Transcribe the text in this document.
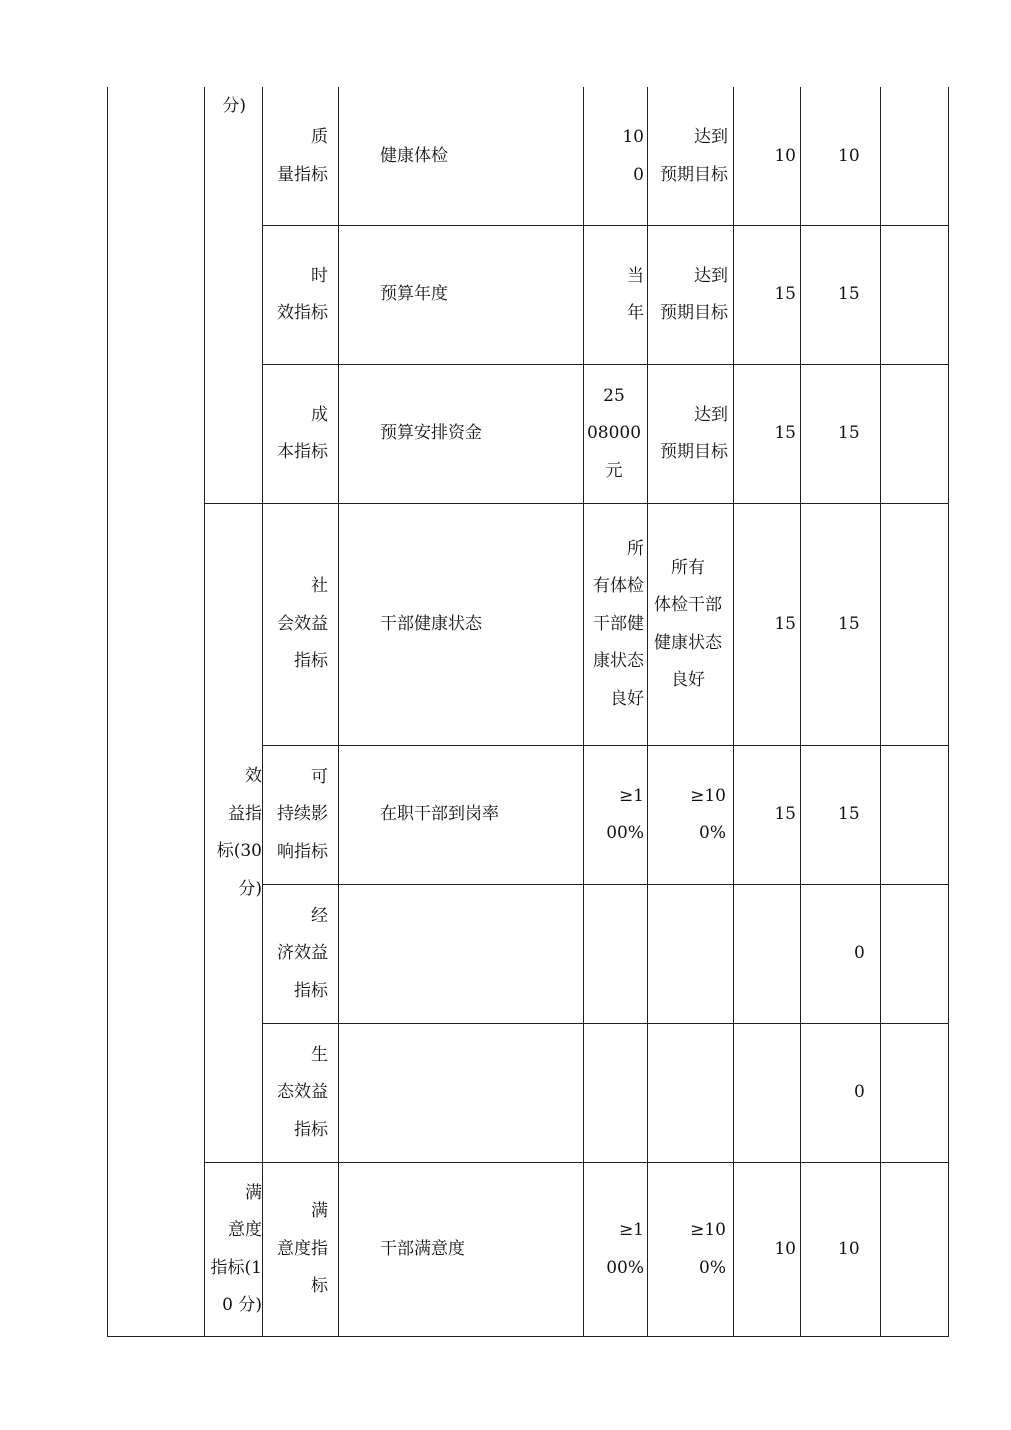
分)
效
益指
标(30
分)
满
意度
指标(1
0 分)
质
量指标
健康体检
10
0
达到
预期目标
10 10
时
效指标
预算年度
当
年
达到
预期目标
15 15
成
本指标
预算安排资金
25
08000
元
达到
预期目标
15 15
社
会效益
指标
干部健康状态
所
有体检
干部健
康状态
良好
所有
体检干部
健康状态
良好
15 15
可
持续影
响指标
在职干部到岗率
≥1
00%
≥10
0%
15 15
经
济效益
指标
0
生
态效益
指标
0
满
意度指
标
干部满意度
≥1
00%
≥10
0%
10 10
